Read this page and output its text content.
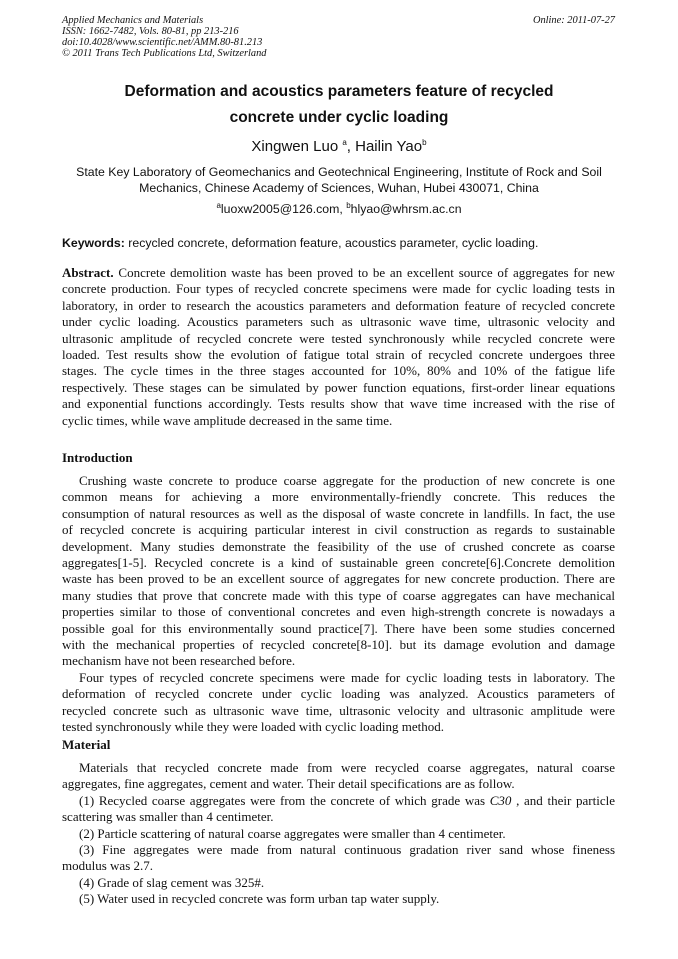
Applied Mechanics and Materials
ISSN: 1662-7482, Vols. 80-81, pp 213-216
doi:10.4028/www.scientific.net/AMM.80-81.213
© 2011 Trans Tech Publications Ltd, Switzerland
Online: 2011-07-27
Deformation and acoustics parameters feature of recycled
concrete under cyclic loading
Xingwen Luo $^a$, Hailin Yao$^b$
State Key Laboratory of Geomechanics and Geotechnical Engineering, Institute of Rock and Soil
Mechanics, Chinese Academy of Sciences, Wuhan, Hubei 430071, China
$^a$luoxw2005@126.com, $^b$hlyao@whrsm.ac.cn
Keywords: recycled concrete, deformation feature, acoustics parameter, cyclic loading.
Abstract. Concrete demolition waste has been proved to be an excellent source of aggregates for new
concrete production. Four types of recycled concrete specimens were made for cyclic loading tests in
laboratory, in order to research the acoustics parameters and deformation feature of recycled concrete
under cyclic loading. Acoustics parameters such as ultrasonic wave time, ultrasonic velocity and
ultrasonic amplitude of recycled concrete were tested synchronously while recycled concrete were
loaded. Test results show the evolution of fatigue total strain of recycled concrete undergoes three
stages. The cycle times in the three stages accounted for 10%, 80% and 10% of the fatigue life
respectively. These stages can be simulated by power function equations, first-order linear equations
and exponential functions accordingly. Tests results show that wave time increased with the rise of
cyclic times, while wave amplitude decreased in the same time.
Introduction
Crushing waste concrete to produce coarse aggregate for the production of new concrete is one
common means for achieving a more environmentally-friendly concrete. This reduces the
consumption of natural resources as well as the disposal of waste concrete in landfills. In fact, the use
of recycled concrete is acquiring particular interest in civil construction as regards to sustainable
development. Many studies demonstrate the feasibility of the use of crushed concrete as coarse
aggregates[1-5]. Recycled concrete is a kind of sustainable green concrete[6].Concrete demolition
waste has been proved to be an excellent source of aggregates for new concrete production. There are
many studies that prove that concrete made with this type of coarse aggregates can have mechanical
properties similar to those of conventional concretes and even high-strength concrete is nowadays a
possible goal for this environmentally sound practice[7]. There have been some studies concerned
with the mechanical properties of recycled concrete[8-10]. but its damage evolution and damage
mechanism have not been researched before.
Four types of recycled concrete specimens were made for cyclic loading tests in laboratory. The
deformation of recycled concrete under cyclic loading was analyzed. Acoustics parameters of
recycled concrete such as ultrasonic wave time, ultrasonic velocity and ultrasonic amplitude were
tested synchronously while they were loaded with cyclic loading method.
Material
Materials that recycled concrete made from were recycled coarse aggregates, natural coarse
aggregates, fine aggregates, cement and water. Their detail specifications are as follow.
(1) Recycled coarse aggregates were from the concrete of which grade was C30 , and their particle
scattering was smaller than 4 centimeter.
(2) Particle scattering of natural coarse aggregates were smaller than 4 centimeter.
(3) Fine aggregates were made from natural continuous gradation river sand whose fineness
modulus was 2.7.
(4) Grade of slag cement was 325#.
(5) Water used in recycled concrete was form urban tap water supply.
